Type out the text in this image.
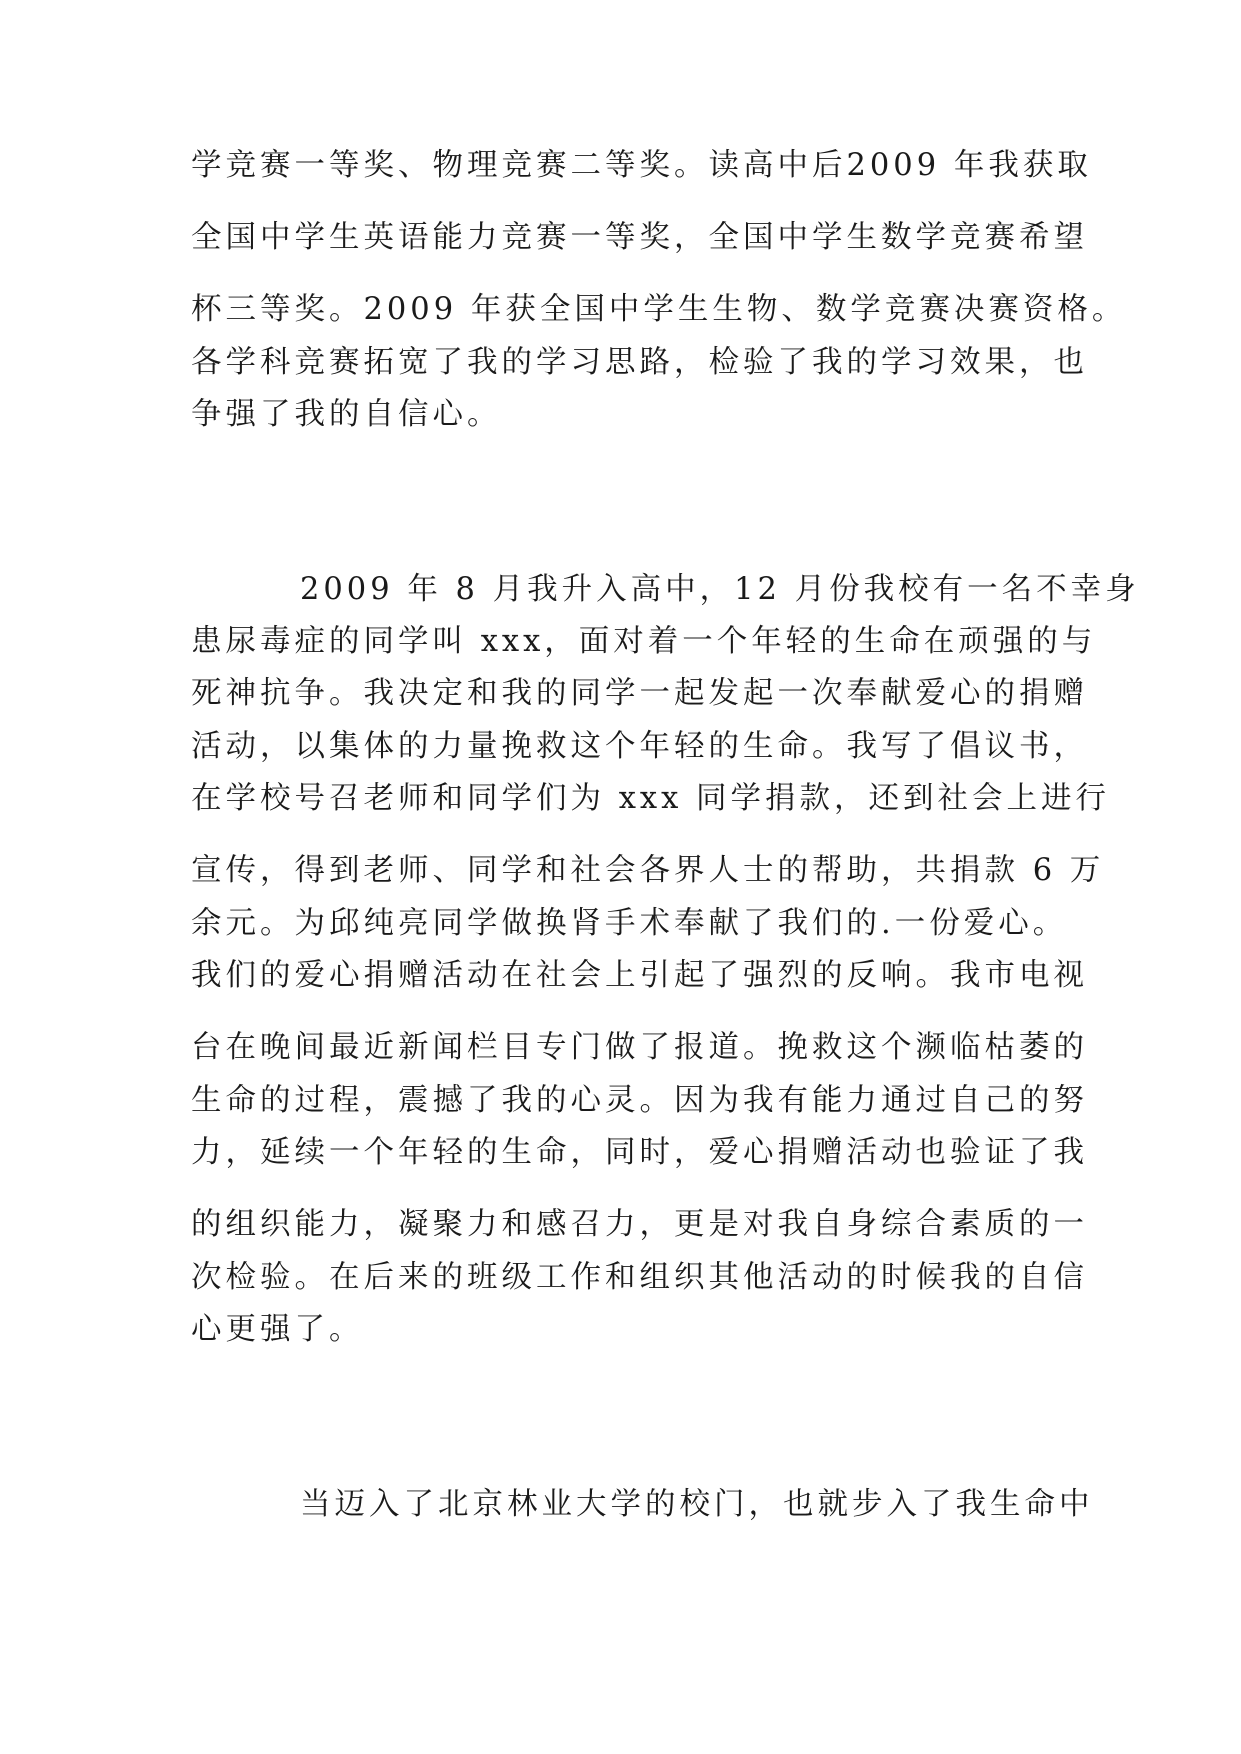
学竞赛一等奖、物理竞赛二等奖。读高中后2009 年我获取
全国中学生英语能力竞赛一等奖，全国中学生数学竞赛希望
杯三等奖。2009 年获全国中学生生物、数学竞赛决赛资格。
各学科竞赛拓宽了我的学习思路，检验了我的学习效果，也
争强了我的自信心。
2009 年 8 月我升入高中，12 月份我校有一名不幸身
患尿毒症的同学叫 xxx，面对着一个年轻的生命在顽强的与
死神抗争。我决定和我的同学一起发起一次奉献爱心的捐赠
活动，以集体的力量挽救这个年轻的生命。我写了倡议书，
在学校号召老师和同学们为 xxx 同学捐款，还到社会上进行
宣传，得到老师、同学和社会各界人士的帮助，共捐款 6 万
余元。为邱纯亮同学做换肾手术奉献了我们的.一份爱心。
我们的爱心捐赠活动在社会上引起了强烈的反响。我市电视
台在晚间最近新闻栏目专门做了报道。挽救这个濒临枯萎的
生命的过程，震撼了我的心灵。因为我有能力通过自己的努
力，延续一个年轻的生命，同时，爱心捐赠活动也验证了我
的组织能力，凝聚力和感召力，更是对我自身综合素质的一
次检验。在后来的班级工作和组织其他活动的时候我的自信
心更强了。
当迈入了北京林业大学的校门，也就步入了我生命中
